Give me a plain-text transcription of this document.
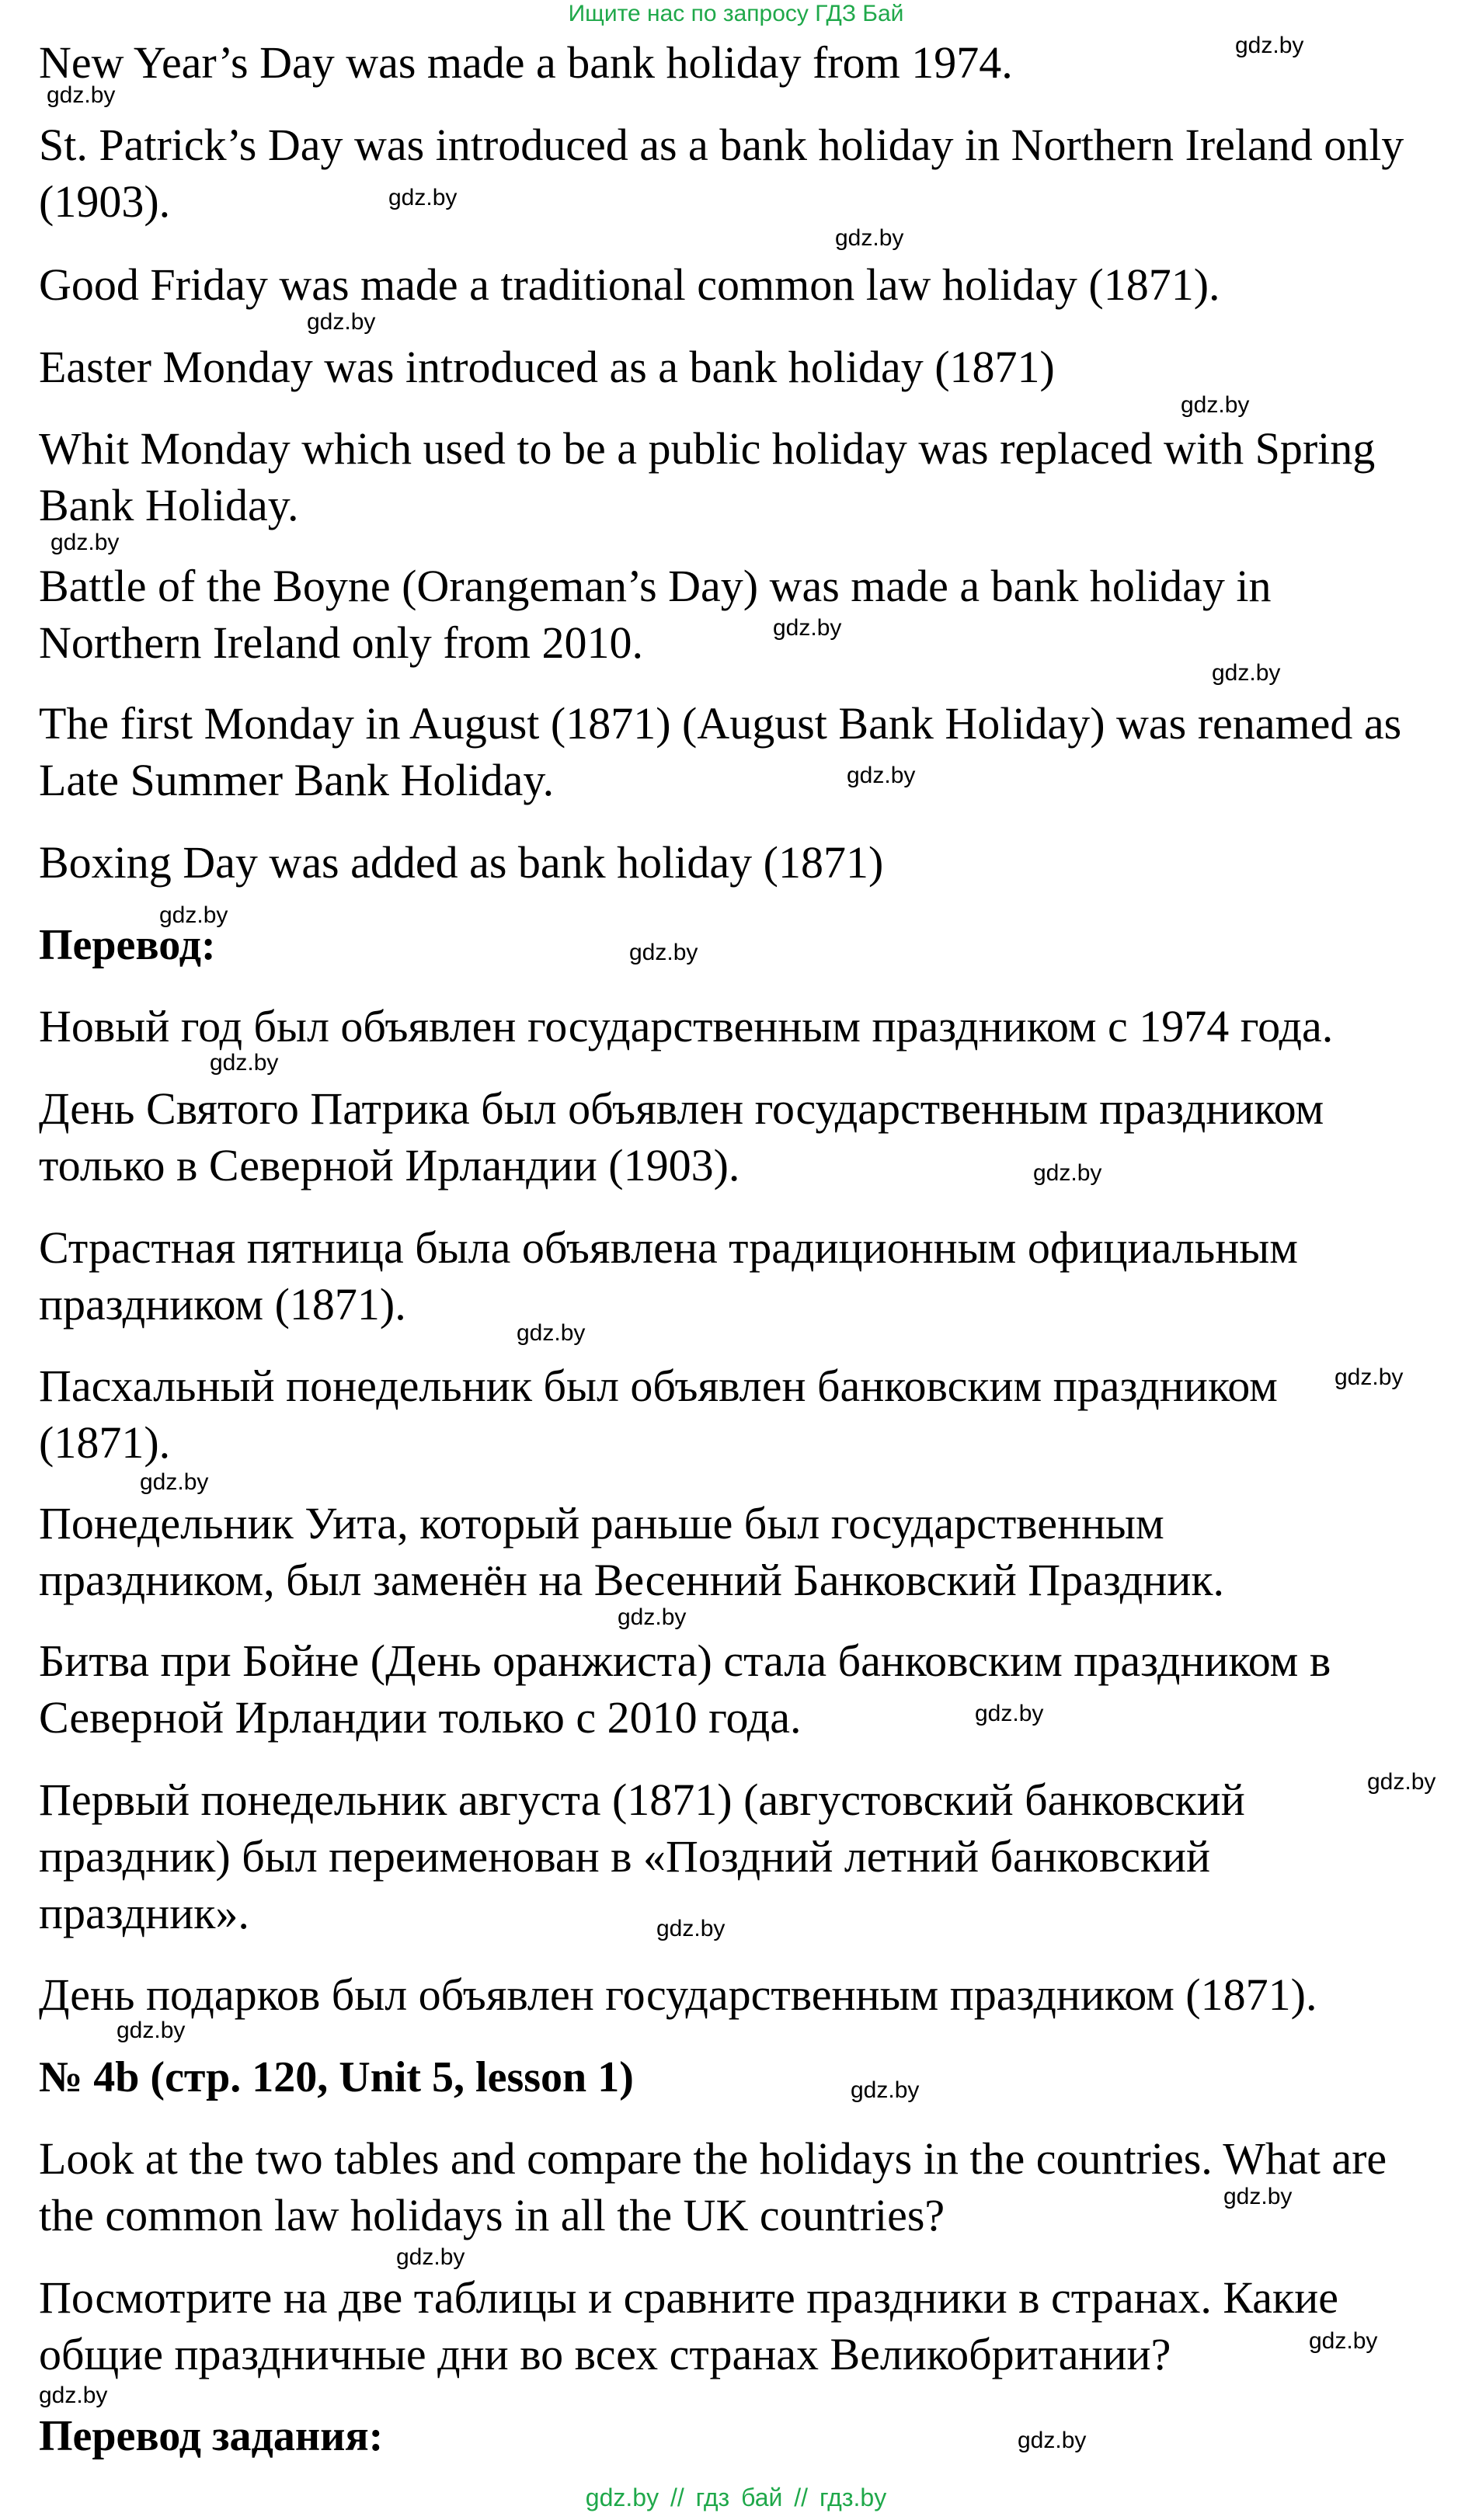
Ищите нас по запросу ГДЗ Бай
New Year’s Day was made a bank holiday from 1974.
St. Patrick’s Day was introduced as a bank holiday in Northern Ireland only
(1903).
Good Friday was made a traditional common law holiday (1871).
Easter Monday was introduced as a bank holiday (1871)
Whit Monday which used to be a public holiday was replaced with Spring
Bank Holiday.
Battle of the Boyne (Orangeman’s Day) was made a bank holiday in
Northern Ireland only from 2010.
The first Monday in August (1871) (August Bank Holiday) was renamed as
Late Summer Bank Holiday.
Boxing Day was added as bank holiday (1871)
Перевод:
Новый год был объявлен государственным праздником с 1974 года.
День Святого Патрика был объявлен государственным праздником
только в Северной Ирландии (1903).
Страстная пятница была объявлена традиционным официальным
праздником (1871).
Пасхальный понедельник был объявлен банковским праздником
(1871).
Понедельник Уита, который раньше был государственным
праздником, был заменён на Весенний Банковский Праздник.
Битва при Бойне (День оранжиста) стала банковским праздником в
Северной Ирландии только с 2010 года.
Первый понедельник августа (1871) (августовский банковский
праздник) был переименован в «Поздний летний банковский
праздник».
День подарков был объявлен государственным праздником (1871).
№ 4b (стр. 120, Unit 5, lesson 1)
Look at the two tables and compare the holidays in the countries. What are
the common law holidays in all the UK countries?
Посмотрите на две таблицы и сравните праздники в странах. Какие
общие праздничные дни во всех странах Великобритании?
Перевод задания:
gdz.by
gdz.by
gdz.by
gdz.by
gdz.by
gdz.by
gdz.by
gdz.by
gdz.by
gdz.by
gdz.by
gdz.by
gdz.by
gdz.by
gdz.by
gdz.by
gdz.by
gdz.by
gdz.by
gdz.by
gdz.by
gdz.by
gdz.by
gdz.by
gdz.by
gdz.by
gdz.by
gdz.by
gdz.by // гдз бай // гдз.by
